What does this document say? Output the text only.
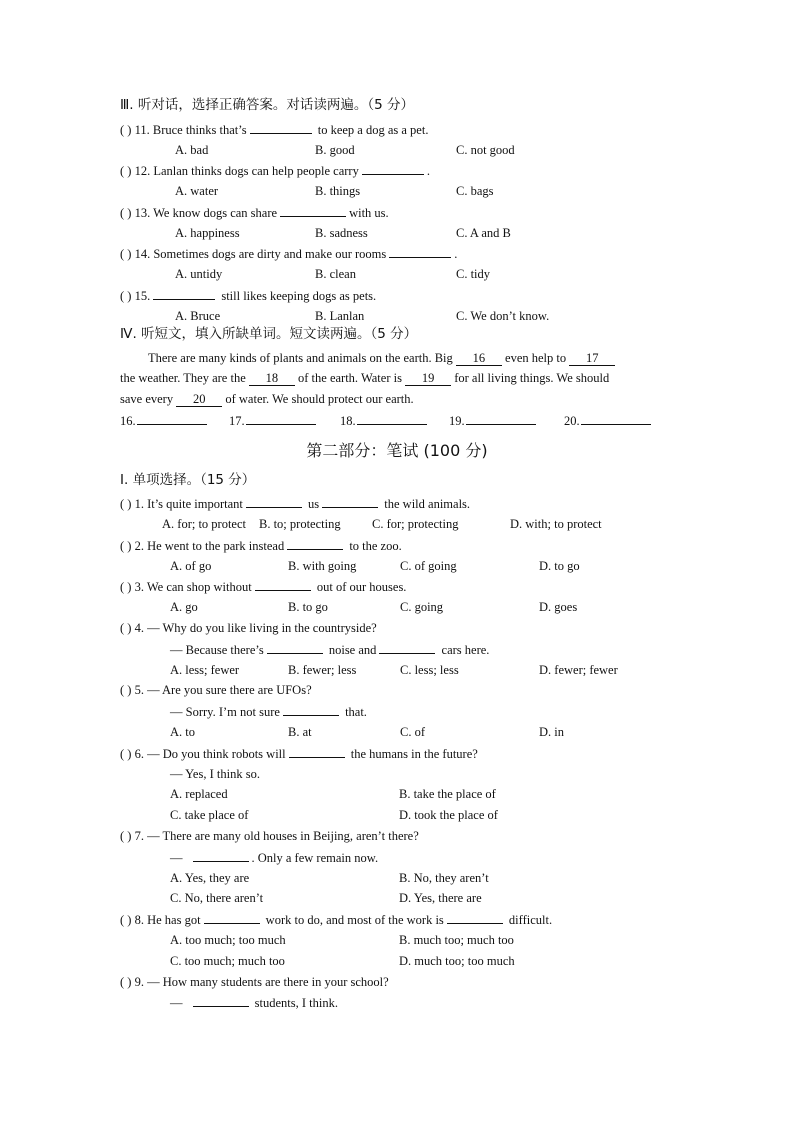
Ⅲ. 听对话，选择正确答案。对话读两遍。（5 分）
( ) 11. Bruce thinks that’s	to keep a dog as a pet.
A. bad	B. good	C. not good
( ) 12. Lanlan thinks dogs can help people carry	.
A. water	B. things	C. bags
( ) 13. We know dogs can share	with us.
A. happiness	B. sadness	C. A and B
( ) 14. Sometimes dogs are dirty and make our rooms	.
A. untidy	B. clean	C. tidy
( ) 15.	still likes keeping dogs as pets.
A. Bruce	B. Lanlan	C. We don’t know.
Ⅳ. 听短文，填入所缺单词。短文读两遍。（5 分）
There are many kinds of plants and animals on the earth. Big 16 even help to 17
the weather. They are the 18 of the earth. Water is 19 for all living things. We should
save every 20 of water. We should protect our earth.
16.	17.	18.	19.	20.
第二部分：笔试 (100 分)
Ⅰ. 单项选择。（15 分）
( ) 1. It’s quite important	us	the wild animals.
A. for; to protect B. to; protecting	C. for; protecting	D. with; to protect
( ) 2. He went to the park instead	to the zoo.
A. of go	B. with going	C. of going	D. to go
( ) 3. We can shop without	out of our houses.
A. go	B. to go	C. going	D. goes
( ) 4. — Why do you like living in the countryside?
— Because there’s	noise and	cars here.
A. less; fewer	B. fewer; less	C. less; less	D. fewer; fewer
( ) 5. — Are you sure there are UFOs?
— Sorry. I’m not sure	that.
A. to	B. at	C. of	D. in
( ) 6. — Do you think robots will	the humans in the future?
— Yes, I think so.
A. replaced	B. take the place of
C. take place of	D. took the place of
( ) 7. — There are many old houses in Beijing, aren’t there?
—	. Only a few remain now.
A. Yes, they are	B. No, they aren’t
C. No, there aren’t	D. Yes, there are
( ) 8. He has got	work to do, and most of the work is	difficult.
A. too much; too much	B. much too; much too
C. too much; much too	D. much too; too much
( ) 9. — How many students are there in your school?
—	students, I think.
